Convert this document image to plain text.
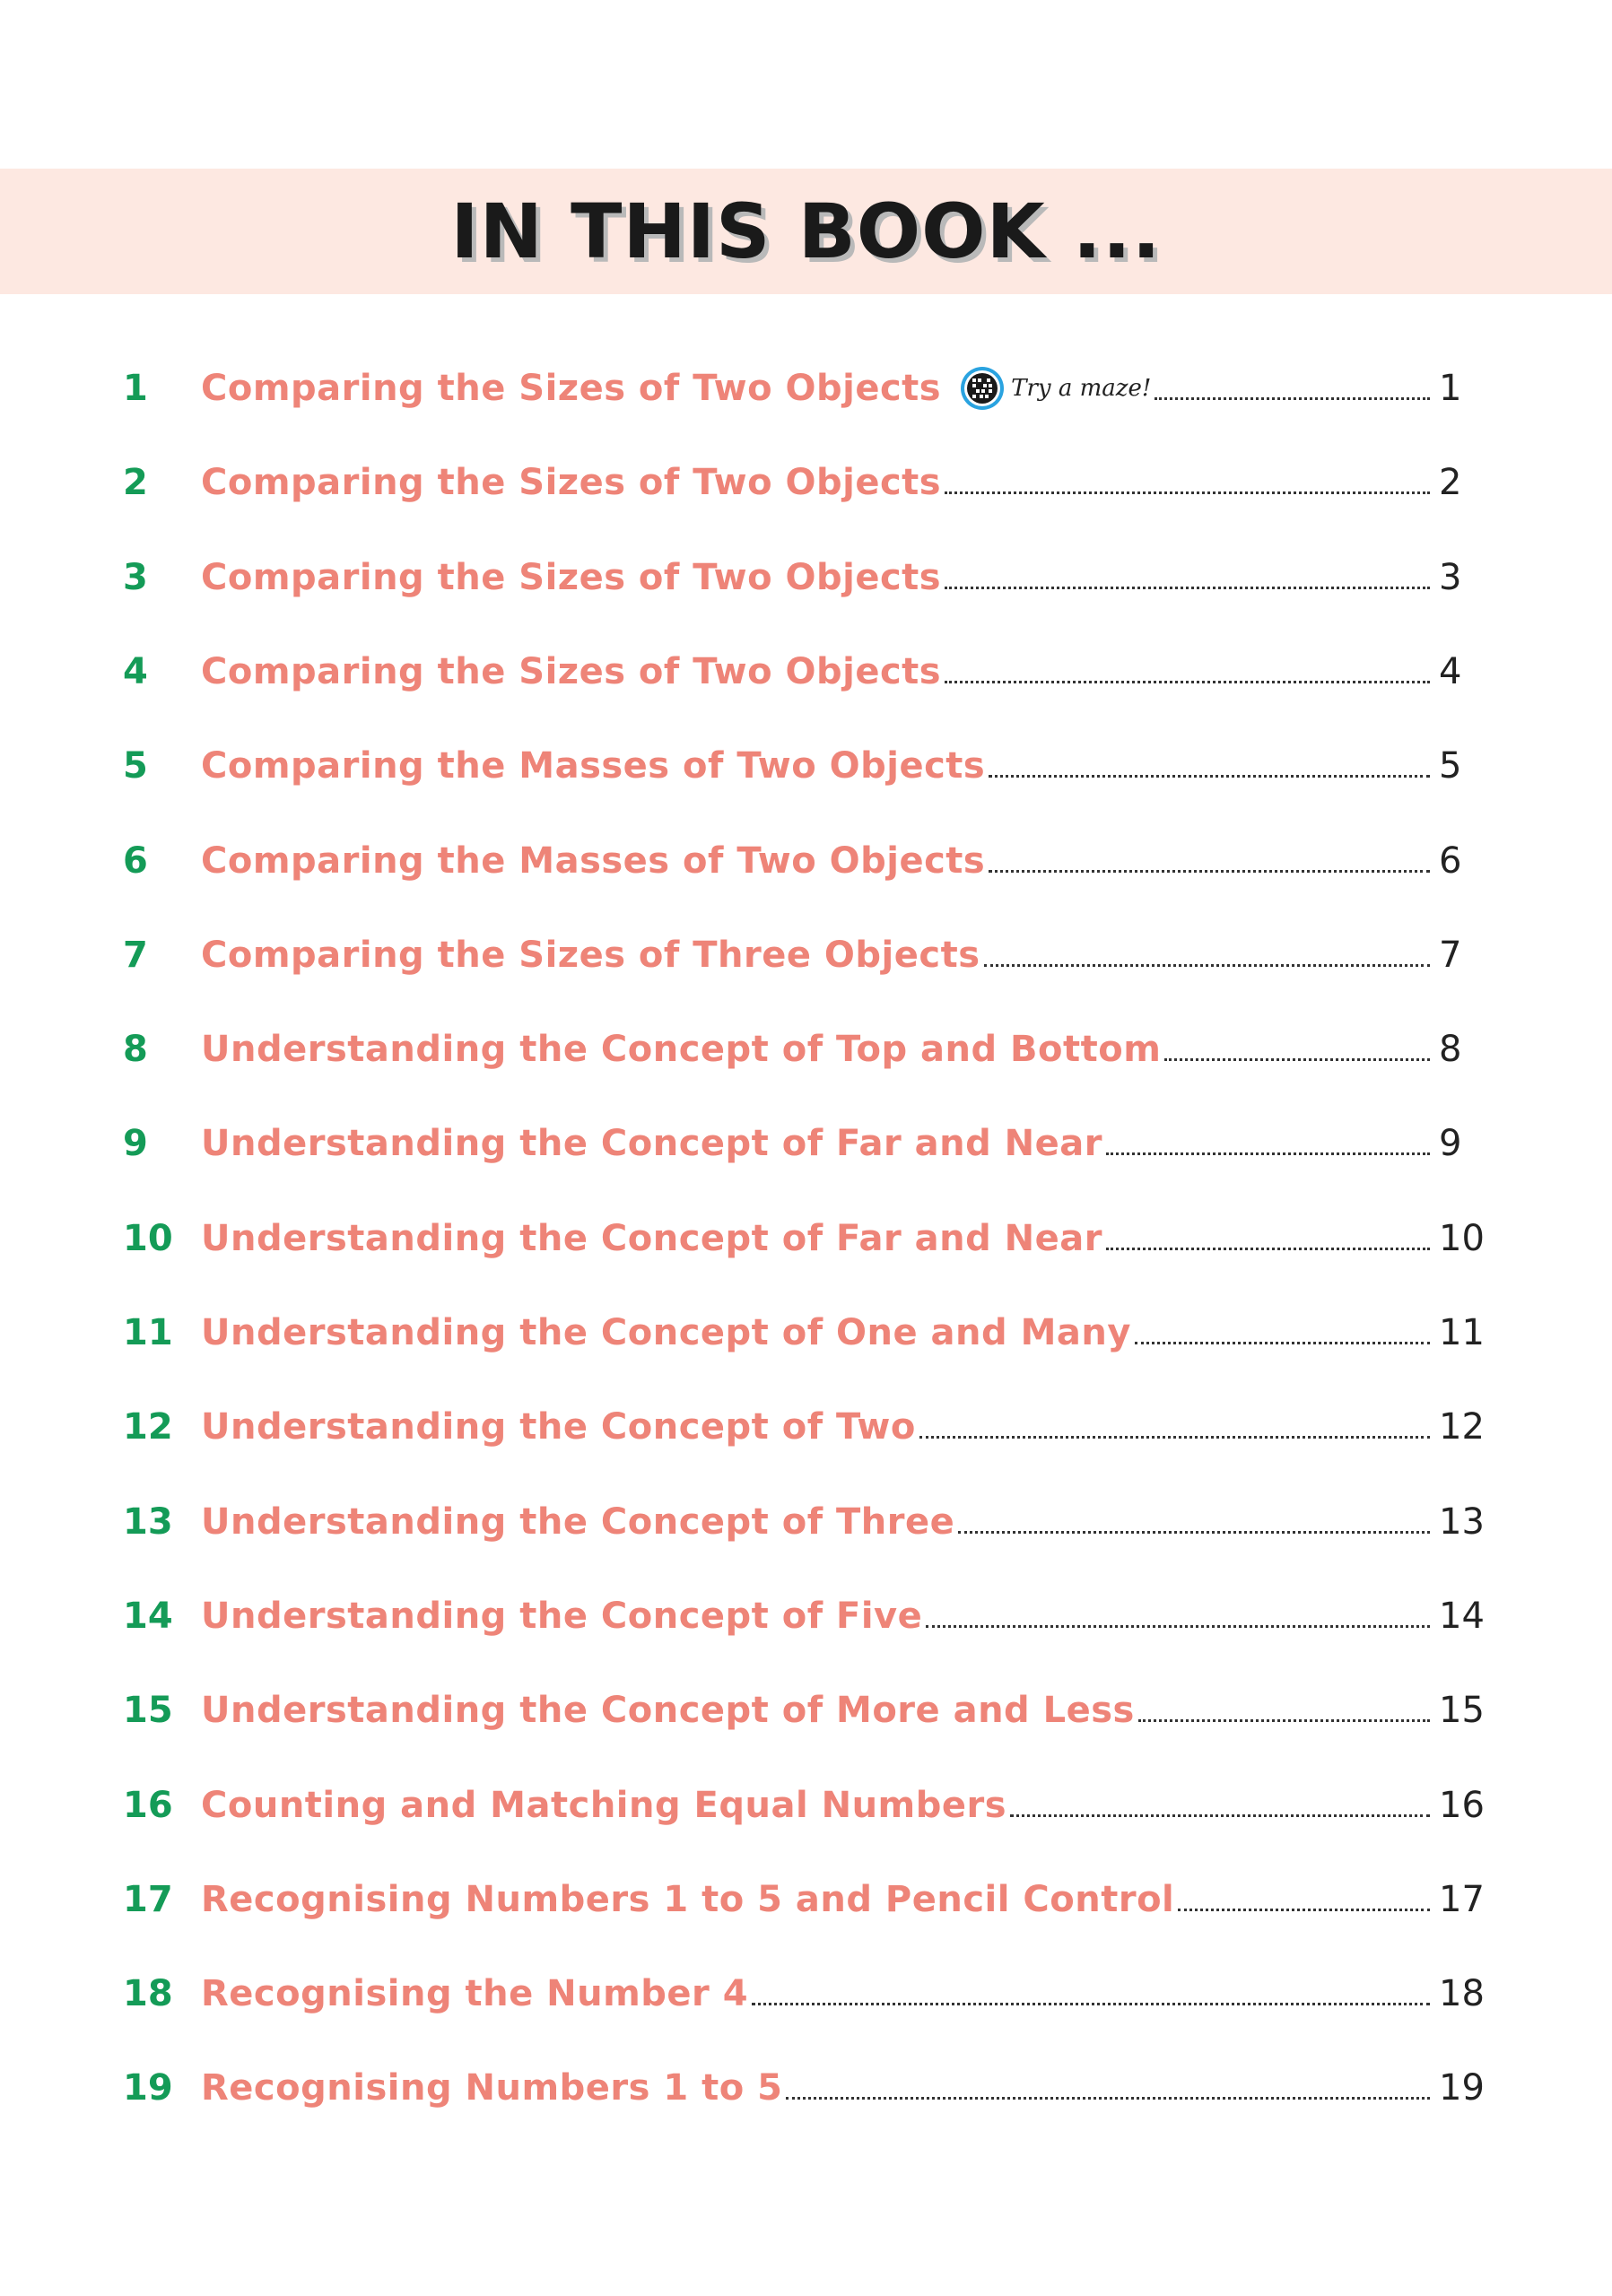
IN THIS BOOK ...
1	Comparing the Sizes of Two Objects	Try a maze!	1
2	Comparing the Sizes of Two Objects	2
3	Comparing the Sizes of Two Objects	3
4	Comparing the Sizes of Two Objects	4
5	Comparing the Masses of Two Objects	5
6	Comparing the Masses of Two Objects	6
7	Comparing the Sizes of Three Objects	7
8	Understanding the Concept of Top and Bottom	8
9	Understanding the Concept of Far and Near	9
10 Understanding the Concept of Far and Near	10
11 Understanding the Concept of One and Many	11
12 Understanding the Concept of Two	12
13 Understanding the Concept of Three	13
14 Understanding the Concept of Five	14
15 Understanding the Concept of More and Less	15
16 Counting and Matching Equal Numbers	16
17 Recognising Numbers 1 to 5 and Pencil Control	17
18 Recognising the Number 4	18
19 Recognising Numbers 1 to 5	19
